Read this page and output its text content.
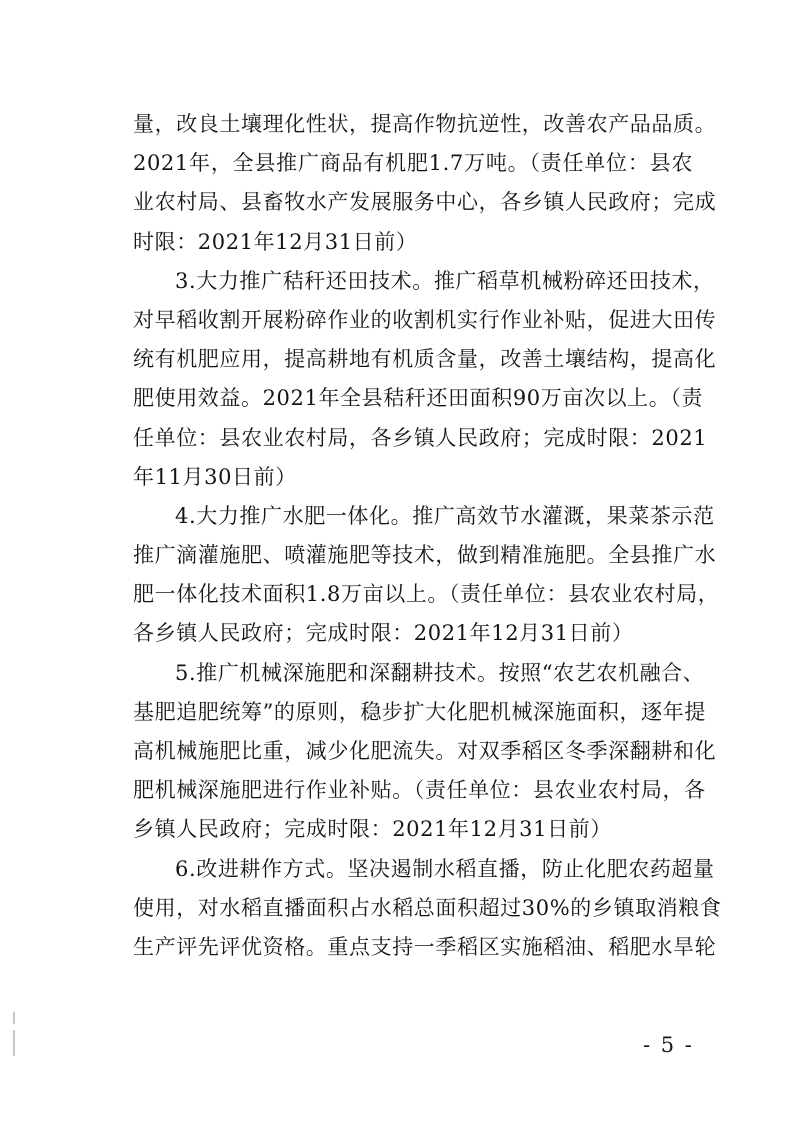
量，改良土壤理化性状，提高作物抗逆性，改善农产品品质。
2021年，全县推广商品有机肥1.7万吨。（责任单位：县农
业农村局、县畜牧水产发展服务中心，各乡镇人民政府；完成
时限：2021年12月31日前）
3.大力推广秸秆还田技术。推广稻草机械粉碎还田技术，
对早稻收割开展粉碎作业的收割机实行作业补贴，促进大田传
统有机肥应用，提高耕地有机质含量，改善土壤结构，提高化
肥使用效益。2021年全县秸秆还田面积90万亩次以上。（责
任单位：县农业农村局，各乡镇人民政府；完成时限：2021
年11月30日前）
4.大力推广水肥一体化。推广高效节水灌溉，果菜茶示范
推广滴灌施肥、喷灌施肥等技术，做到精准施肥。全县推广水
肥一体化技术面积1.8万亩以上。（责任单位：县农业农村局，
各乡镇人民政府；完成时限：2021年12月31日前）
5.推广机械深施肥和深翻耕技术。按照“农艺农机融合、
基肥追肥统筹”的原则，稳步扩大化肥机械深施面积，逐年提
高机械施肥比重，减少化肥流失。对双季稻区冬季深翻耕和化
肥机械深施肥进行作业补贴。（责任单位：县农业农村局，各
乡镇人民政府；完成时限：2021年12月31日前）
6.改进耕作方式。坚决遏制水稻直播，防止化肥农药超量
使用，对水稻直播面积占水稻总面积超过30%的乡镇取消粮食
生产评先评优资格。重点支持一季稻区实施稻油、稻肥水旱轮
- 5 -
